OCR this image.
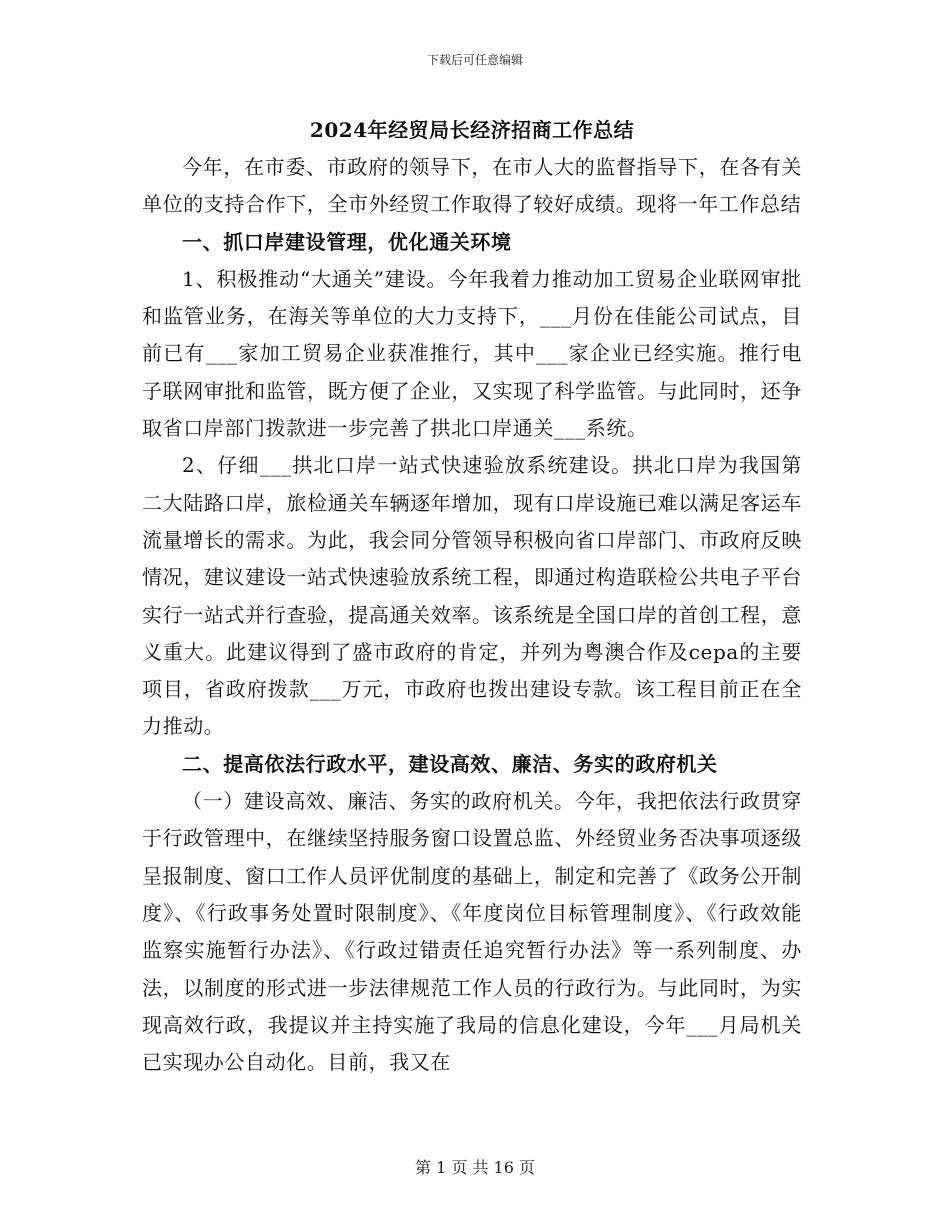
下载后可任意编辑
2024年经贸局长经济招商工作总结

今年，在市委、市政府的领导下，在市人大的监督指导下，在各有关单位的支持合作下，全市外经贸工作取得了较好成绩。现将一年工作总结

一、抓口岸建设管理，优化通关环境

1、积极推动“大通关”建设。今年我着力推动加工贸易企业联网审批和监管业务，在海关等单位的大力支持下，___月份在佳能公司试点，目前已有___家加工贸易企业获准推行，其中___家企业已经实施。推行电子联网审批和监管，既方便了企业，又实现了科学监管。与此同时，还争取省口岸部门拨款进一步完善了拱北口岸通关___系统。

2、仔细___拱北口岸一站式快速验放系统建设。拱北口岸为我国第二大陆路口岸，旅检通关车辆逐年增加，现有口岸设施已难以满足客运车流量增长的需求。为此，我会同分管领导积极向省口岸部门、市政府反映情况，建议建设一站式快速验放系统工程，即通过构造联检公共电子平台实行一站式并行查验，提高通关效率。该系统是全国口岸的首创工程，意义重大。此建议得到了盛市政府的肯定，并列为粤澳合作及cepa的主要项目，省政府拨款___万元，市政府也拨出建设专款。该工程目前正在全力推动。

二、提高依法行政水平，建设高效、廉洁、务实的政府机关

（一）建设高效、廉洁、务实的政府机关。今年，我把依法行政贯穿于行政管理中，在继续坚持服务窗口设置总监、外经贸业务否决事项逐级呈报制度、窗口工作人员评优制度的基础上，制定和完善了《政务公开制度》、《行政事务处置时限制度》、《年度岗位目标管理制度》、《行政效能监察实施暂行办法》、《行政过错责任追究暂行办法》等一系列制度、办法，以制度的形式进一步法律规范工作人员的行政行为。与此同时，为实现高效行政，我提议并主持实施了我局的信息化建设，今年___月局机关已实现办公自动化。目前，我又在

第 1 页 共 16 页
